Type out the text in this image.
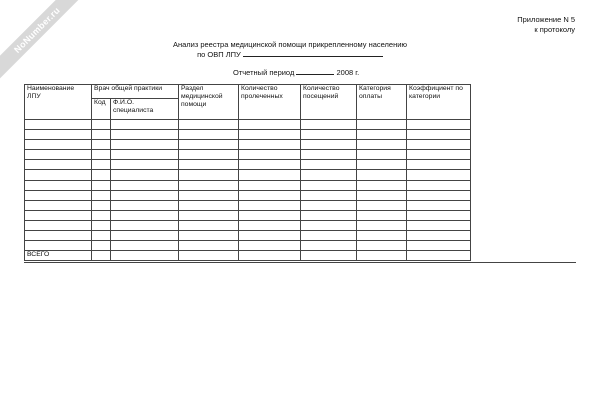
NoNumber.ru	Приложение N 5
к протоколу
Анализ реестра медицинской помощи прикрепленному населению
по ОВП ЛПУ
Отчетный период	2008 г.
Наименование ЛПУ	Врач общей практики		Раздел медицинской помощи	Количество пролеченных	Количество посещений	Категория оплаты	Коэффициент по категории
	Код	Ф.И.О. специалиста					

ВСЕГО							
